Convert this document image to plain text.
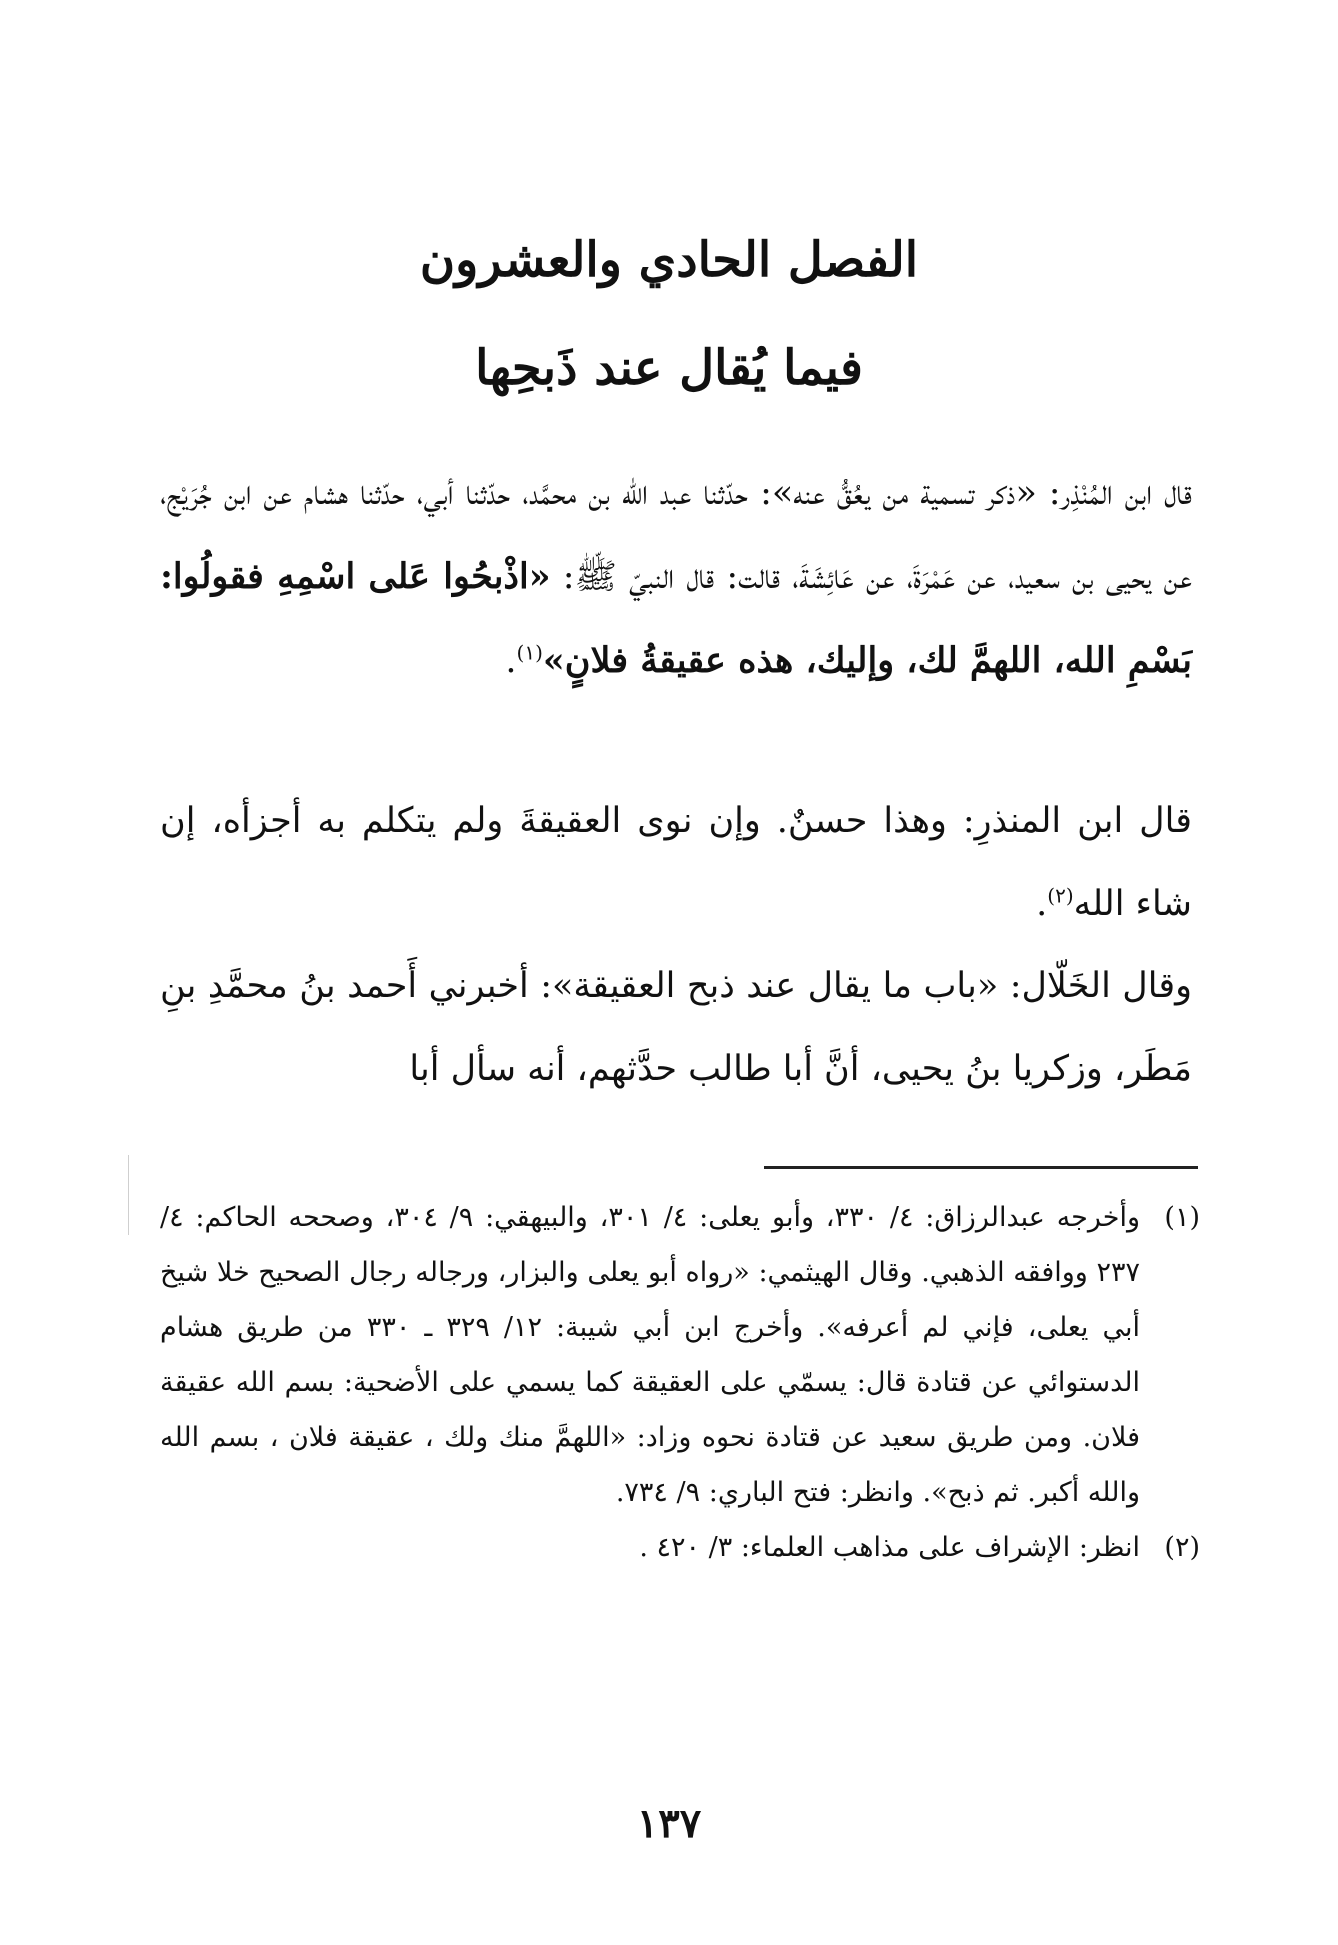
الفصل الحادي والعشرون
فيما يُقال عند ذَبحِها

قال ابن المُنْذِر: «ذكر تسمية من يعُقُّ عنه»: حدّثنا عبد الله بن محمَّد، حدّثنا أبي، حدّثنا هشام عن ابن جُرَيْج، عن يحيى بن سعيد، عن عَمْرَةَ، عن عَائِشَةَ، قالت: قال النبيّ ﷺ: «اذْبحُوا عَلى اسْمِهِ فقولُوا: بَسْمِ الله، اللهمَّ لك، وإليك، هذه عقيقةُ فلانٍ»$^{(١)}$.

قال ابن المنذرِ: وهذا حسنٌ. وإن نوى العقيقةَ ولم يتكلم به أجزأه، إن شاء الله$^{(٢)}$.

وقال الخَلّال: «باب ما يقال عند ذبح العقيقة»: أخبرني أَحمد بنُ محمَّدِ بنِ مَطَر، وزكريا بنُ يحيى، أنَّ أبا طالب حدَّثهم، أنه سأل أبا

(١)
وأخرجه عبدالرزاق: ٤/ ٣٣٠، وأبو يعلى: ٤/ ٣٠١، والبيهقي: ٩/ ٣٠٤، وصححه الحاكم: ٤/ ٢٣٧ ووافقه الذهبي. وقال الهيثمي: «رواه أبو يعلى والبزار، ورجاله رجال الصحيح خلا شيخ أبي يعلى، فإني لم أعرفه». وأخرج ابن أبي شيبة: ١٢/ ٣٢٩ ـ ٣٣٠ من طريق هشام الدستوائي عن قتادة قال: يسمّي على العقيقة كما يسمي على الأضحية: بسم الله عقيقة فلان. ومن طريق سعيد عن قتادة نحوه وزاد: «اللهمَّ منك ولك ، عقيقة فلان ، بسم الله والله أكبر. ثم ذبح». وانظر: فتح الباري: ٩/ ٧٣٤.
(٢)
انظر: الإشراف على مذاهب العلماء: ٣/ ٤٢٠ .
١٣٧
